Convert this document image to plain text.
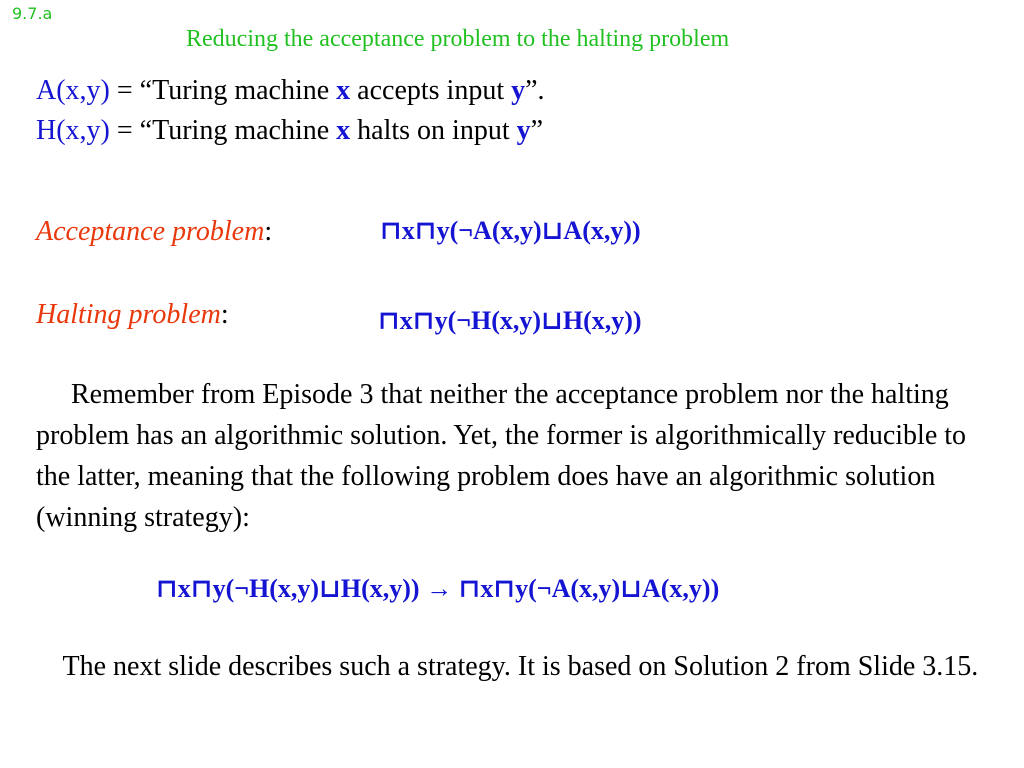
9.7.a
Reducing the acceptance problem to the halting problem

A(x,y) = “Turing machine x accepts input y”.

H(x,y) = “Turing machine x halts on input y”

Acceptance problem:	⊓x⊓y(¬A(x,y)⊔A(x,y))

Halting problem:	⊓x⊓y(¬H(x,y)⊔H(x,y))

  Remember from Episode 3 that neither the acceptance problem nor the halting problem has an algorithmic solution. Yet, the former is algorithmically reducible to the latter, meaning that the following problem does have an algorithmic solution (winning strategy):

⊓x⊓y(¬H(x,y)⊔H(x,y)) → ⊓x⊓y(¬A(x,y)⊔A(x,y))

  The next slide describes such a strategy. It is based on Solution 2 from Slide 3.15.
